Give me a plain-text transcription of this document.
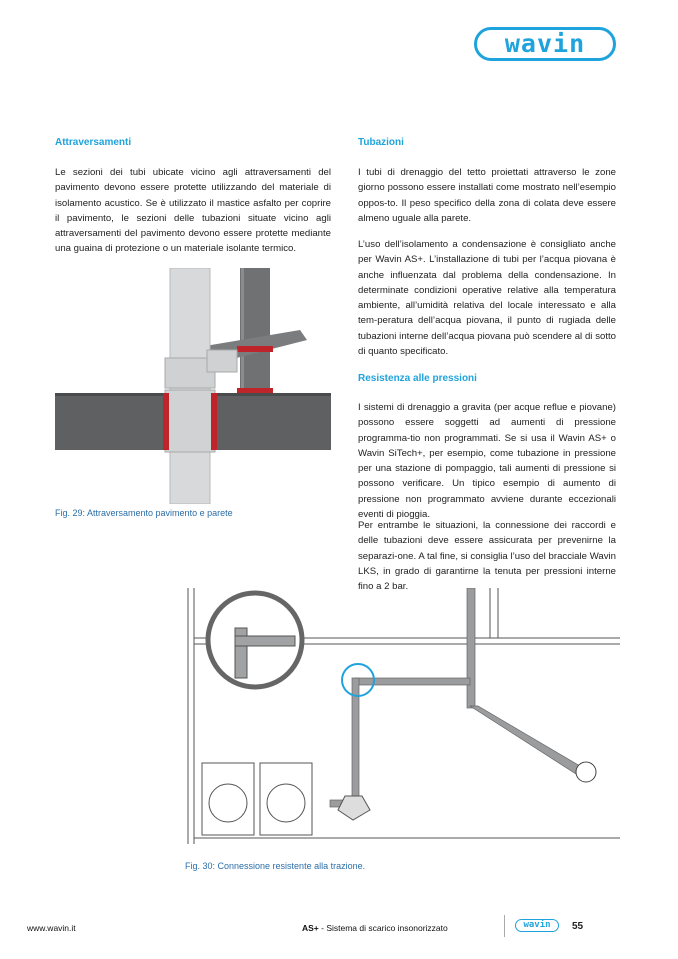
wavin
Attraversamenti

Le sezioni dei tubi ubicate vicino agli attraversamenti del pavimento devono essere protette utilizzando del materiale di isolamento acustico. Se è utilizzato il mastice asfalto per coprire il pavimento, le sezioni delle tubazioni situate vicino agli attraversamenti del pavimento devono essere protette mediante una guaina di protezione o un materiale isolante termico.

Fig. 29: Attraversamento pavimento e parete
Tubazioni

I tubi di drenaggio del tetto proiettati attraverso le zone giorno possono essere installati come mostrato nell’esempio oppos-to. Il peso specifico della zona di colata deve essere almeno uguale alla parete.

L’uso dell’isolamento a condensazione è consigliato anche per Wavin AS+. L’installazione di tubi per l’acqua piovana è anche influenzata dal problema della condensazione. In determinate condizioni operative relative alla temperatura ambiente, all’umidità relativa del locale interessato e alla tem-peratura dell’acqua piovana, il punto di rugiada delle tubazioni interne dell’acqua piovana può scendere al di sotto di quanto specificato.

Resistenza alle pressioni

I sistemi di drenaggio a gravita (per acque reflue e piovane) possono essere soggetti ad aumenti di pressione programma-tio non programmati. Se si usa il Wavin AS+ o Wavin SiTech+, per esempio, come tubazione in pressione per una stazione di pompaggio, tali aumenti di pressione si possono verificare. Un tipico esempio di aumento di pressione non programmato avviene durante eccezionali eventi di pioggia.

Per entrambe le situazioni, la connessione dei raccordi e delle tubazioni deve essere assicurata per prevenirne la separazi-one. A tal fine, si consiglia l’uso del bracciale Wavin LKS, in grado di garantirne la tenuta per pressioni interne fino a 2 bar.

Fig. 30: Connessione resistente alla trazione.
www.wavin.it	AS+ - Sistema di scarico insonorizzato	wavin	55
